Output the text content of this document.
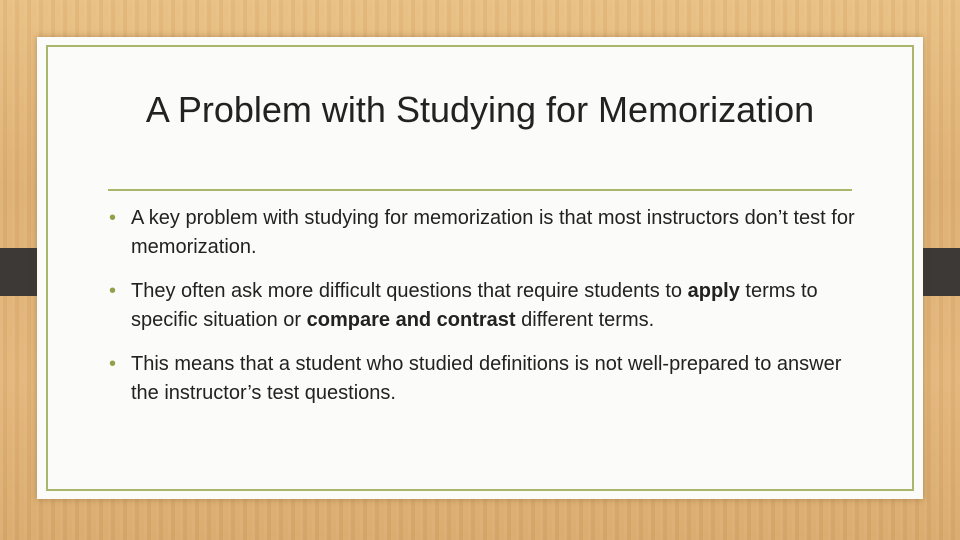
A Problem with Studying for Memorization
• A key problem with studying for memorization is that most instructors don’t test for memorization.
• They often ask more difficult questions that require students to apply terms to specific situation or compare and contrast different terms.
• This means that a student who studied definitions is not well-prepared to answer the instructor’s test questions.
